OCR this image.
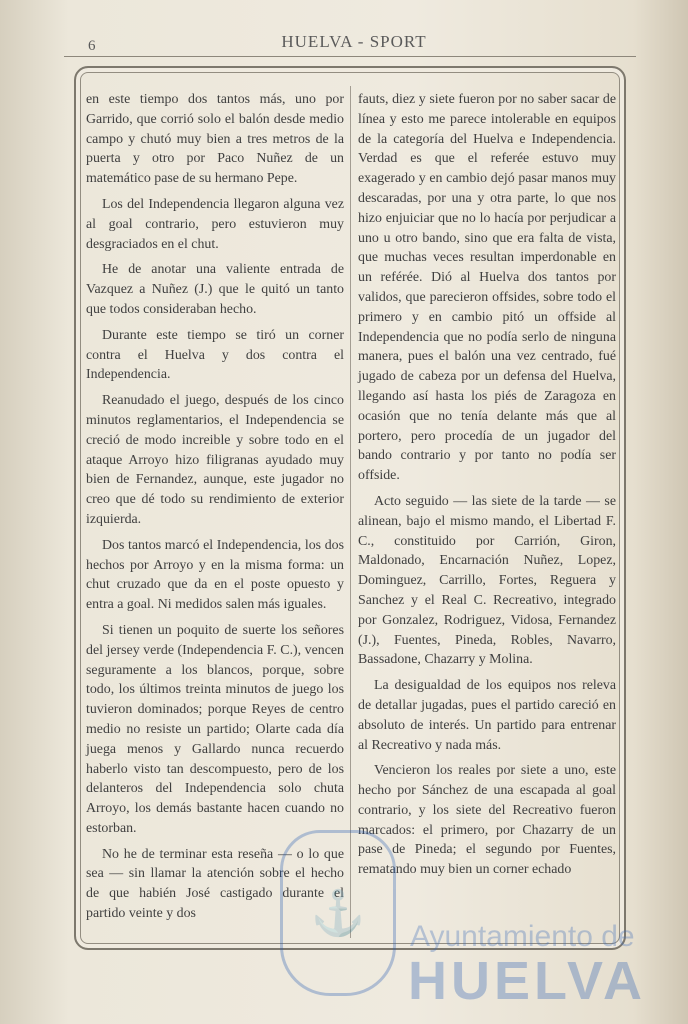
6	HUELVA - SPORT

en este tiempo dos tantos más, uno por Garrido, que corrió solo el balón desde medio campo y chutó muy bien a tres metros de la puerta y otro por Paco Nuñez de un matemático pase de su hermano Pepe.

Los del Independencia llegaron alguna vez al goal contrario, pero estuvieron muy desgraciados en el chut.

He de anotar una valiente entrada de Vazquez a Nuñez (J.) que le quitó un tanto que todos consideraban hecho.

Durante este tiempo se tiró un corner contra el Huelva y dos contra el Independencia.

Reanudado el juego, después de los cinco minutos reglamentarios, el Independencia se creció de modo increible y sobre todo en el ataque Arroyo hizo filigranas ayudado muy bien de Fernandez, aunque, este jugador no creo que dé todo su rendimiento de exterior izquierda.

Dos tantos marcó el Independencia, los dos hechos por Arroyo y en la misma forma: un chut cruzado que da en el poste opuesto y entra a goal. Ni medidos salen más iguales.

Si tienen un poquito de suerte los señores del jersey verde (Independencia F. C.), vencen seguramente a los blancos, porque, sobre todo, los últimos treinta minutos de juego los tuvieron dominados; porque Reyes de centro medio no resiste un partido; Olarte cada día juega menos y Gallardo nunca recuerdo haberlo visto tan descompuesto, pero de los delanteros del Independencia solo chuta Arroyo, los demás bastante hacen cuando no estorban.

No he de terminar esta reseña — o lo que sea — sin llamar la atención sobre el hecho de que habién José castigado durante el partido veinte y dos

fauts, diez y siete fueron por no saber sacar de línea y esto me parece intolerable en equipos de la categoría del Huelva e Independencia. Verdad es que el referée estuvo muy exagerado y en cambio dejó pasar manos muy descaradas, por una y otra parte, lo que nos hizo enjuiciar que no lo hacía por perjudicar a uno u otro bando, sino que era falta de vista, que muchas veces resultan imperdonable en un reférée. Dió al Huelva dos tantos por validos, que parecieron offsides, sobre todo el primero y en cambio pitó un offside al Independencia que no podía serlo de ninguna manera, pues el balón una vez centrado, fué jugado de cabeza por un defensa del Huelva, llegando así hasta los piés de Zaragoza en ocasión que no tenía delante más que al portero, pero procedía de un jugador del bando contrario y por tanto no podía ser offside.

Acto seguido — las siete de la tarde — se alinean, bajo el mismo mando, el Libertad F. C., constituido por Carrión, Giron, Maldonado, Encarnación Nuñez, Lopez, Dominguez, Carrillo, Fortes, Reguera y Sanchez y el Real C. Recreativo, integrado por Gonzalez, Rodriguez, Vidosa, Fernandez (J.), Fuentes, Pineda, Robles, Navarro, Bassadone, Chazarry y Molina.

La desigualdad de los equipos nos releva de detallar jugadas, pues el partido careció en absoluto de interés. Un partido para entrenar al Recreativo y nada más.

Vencieron los reales por siete a uno, este hecho por Sánchez de una escapada al goal contrario, y los siete del Recreativo fueron marcados: el primero, por Chazarry de un pase de Pineda; el segundo por Fuentes, rematando muy bien un corner echado

⚓	Ayuntamiento de
HUELVA
